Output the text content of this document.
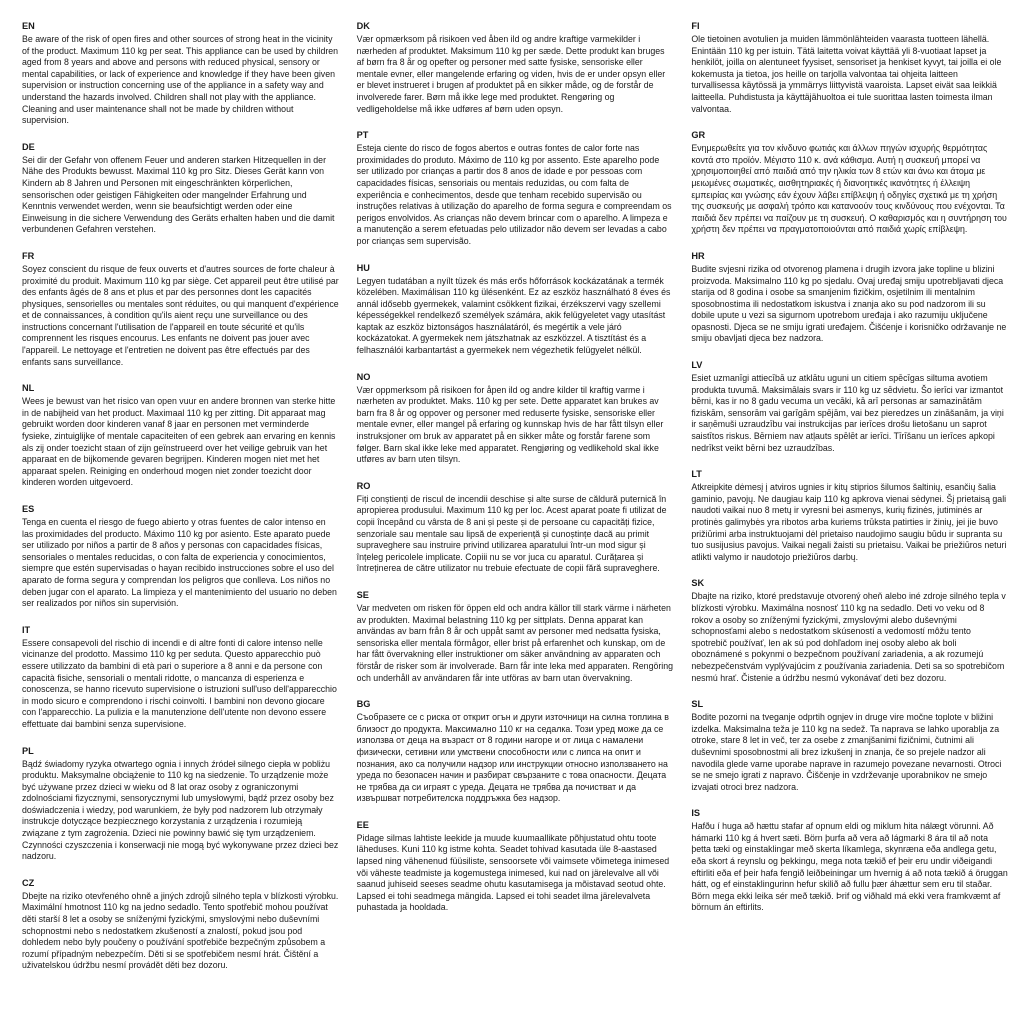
EN

Be aware of the risk of open fires and other sources of strong heat in the vicinity of the product. Maximum 110 kg per seat. This appliance can be used by children aged from 8 years and above and persons with reduced physical, sensory or mental capabilities, or lack of experience and knowledge if they have been given supervision or instruction concerning use of the appliance in a safety way and understand the hazards involved. Children shall not play with the appliance. Cleaning and user maintenance shall not be made by children without supervision.

DE

Sei dir der Gefahr von offenem Feuer und anderen starken Hitzequellen in der Nähe des Produkts bewusst. Maximal 110 kg pro Sitz. Dieses Gerät kann von Kindern ab 8 Jahren und Personen mit eingeschränkten körperlichen, sensorischen oder geistigen Fähigkeiten oder mangelnder Erfahrung und Kenntnis verwendet werden, wenn sie beaufsichtigt werden oder eine Einweisung in die sichere Verwendung des Geräts erhalten haben und die damit verbundenen Gefahren verstehen.

FR

Soyez conscient du risque de feux ouverts et d'autres sources de forte chaleur à proximité du produit. Maximum 110 kg par siège. Cet appareil peut être utilisé par des enfants âgés de 8 ans et plus et par des personnes dont les capacités physiques, sensorielles ou mentales sont réduites, ou qui manquent d'expérience et de connaissances, à condition qu'ils aient reçu une surveillance ou des instructions concernant l'utilisation de l'appareil en toute sécurité et qu'ils comprennent les risques encourus. Les enfants ne doivent pas jouer avec l'appareil. Le nettoyage et l'entretien ne doivent pas être effectués par des enfants sans surveillance.

NL

Wees je bewust van het risico van open vuur en andere bronnen van sterke hitte in de nabijheid van het product. Maximaal 110 kg per zitting. Dit apparaat mag gebruikt worden door kinderen vanaf 8 jaar en personen met verminderde fysieke, zintuiglijke of mentale capaciteiten of een gebrek aan ervaring en kennis als zij onder toezicht staan of zijn geïnstrueerd over het veilige gebruik van het apparaat en de bijkomende gevaren begrijpen. Kinderen mogen niet met het apparaat spelen. Reiniging en onderhoud mogen niet zonder toezicht door kinderen worden uitgevoerd.

ES

Tenga en cuenta el riesgo de fuego abierto y otras fuentes de calor intenso en las proximidades del producto. Máximo 110 kg por asiento. Este aparato puede ser utilizado por niños a partir de 8 años y personas con capacidades físicas, sensoriales o mentales reducidas, o con falta de experiencia y conocimientos, siempre que estén supervisadas o hayan recibido instrucciones sobre el uso del aparato de forma segura y comprendan los peligros que conlleva. Los niños no deben jugar con el aparato. La limpieza y el mantenimiento del usuario no deben ser realizados por niños sin supervisión.

IT

Essere consapevoli del rischio di incendi e di altre fonti di calore intenso nelle vicinanze del prodotto. Massimo 110 kg per seduta. Questo apparecchio può essere utilizzato da bambini di età pari o superiore a 8 anni e da persone con capacità fisiche, sensoriali o mentali ridotte, o mancanza di esperienza e conoscenza, se hanno ricevuto supervisione o istruzioni sull'uso dell'apparecchio in modo sicuro e comprendono i rischi coinvolti. I bambini non devono giocare con l'apparecchio. La pulizia e la manutenzione dell'utente non devono essere effettuate dai bambini senza supervisione.

PL

Bądź świadomy ryzyka otwartego ognia i innych źródeł silnego ciepła w pobliżu produktu. Maksymalne obciążenie to 110 kg na siedzenie. To urządzenie może być używane przez dzieci w wieku od 8 lat oraz osoby z ograniczonymi zdolnościami fizycznymi, sensorycznymi lub umysłowymi, bądź przez osoby bez doświadczenia i wiedzy, pod warunkiem, że były pod nadzorem lub otrzymały instrukcje dotyczące bezpiecznego korzystania z urządzenia i rozumieją związane z tym zagrożenia. Dzieci nie powinny bawić się tym urządzeniem. Czynności czyszczenia i konserwacji nie mogą być wykonywane przez dzieci bez nadzoru.

CZ

Dbejte na riziko otevřeného ohně a jiných zdrojů silného tepla v blízkosti výrobku. Maximální hmotnost 110 kg na jedno sedadlo. Tento spotřebič mohou používat děti starší 8 let a osoby se sníženými fyzickými, smyslovými nebo duševními schopnostmi nebo s nedostatkem zkušeností a znalostí, pokud jsou pod dohledem nebo byly poučeny o používání spotřebiče bezpečným způsobem a rozumí případným nebezpečím. Děti si se spotřebičem nesmí hrát. Čištění a uživatelskou údržbu nesmí provádět děti bez dozoru.

DK

Vær opmærksom på risikoen ved åben ild og andre kraftige varmekilder i nærheden af produktet. Maksimum 110 kg per sæde. Dette produkt kan bruges af børn fra 8 år og opefter og personer med satte fysiske, sensoriske eller mentale evner, eller mangelende erfaring og viden, hvis de er under opsyn eller er blevet instrueret i brugen af produktet på en sikker måde, og de forstår de involverede farer. Børn må ikke lege med produktet. Rengøring og vedligeholdelse må ikke udføres af børn uden opsyn.

PT

Esteja ciente do risco de fogos abertos e outras fontes de calor forte nas proximidades do produto. Máximo de 110 kg por assento. Este aparelho pode ser utilizado por crianças a partir dos 8 anos de idade e por pessoas com capacidades físicas, sensoriais ou mentais reduzidas, ou com falta de experiência e conhecimentos, desde que tenham recebido supervisão ou instruções relativas à utilização do aparelho de forma segura e compreendam os perigos envolvidos. As crianças não devem brincar com o aparelho. A limpeza e a manutenção a serem efetuadas pelo utilizador não devem ser levadas a cabo por crianças sem supervisão.

HU

Legyen tudatában a nyílt tüzek és más erős hőforrások kockázatának a termék közelében. Maximálisan 110 kg ülésenként. Ez az eszköz használható 8 éves és annál idősebb gyermekek, valamint csökkent fizikai, érzékszervi vagy szellemi képességekkel rendelkező személyek számára, akik felügyeletet vagy utasítást kaptak az eszköz biztonságos használatáról, és megértik a vele járó kockázatokat. A gyermekek nem játszhatnak az eszközzel. A tisztítást és a felhasználói karbantartást a gyermekek nem végezhetik felügyelet nélkül.

NO

Vær oppmerksom på risikoen for åpen ild og andre kilder til kraftig varme i nærheten av produktet. Maks. 110 kg per sete. Dette apparatet kan brukes av barn fra 8 år og oppover og personer med reduserte fysiske, sensoriske eller mentale evner, eller mangel på erfaring og kunnskap hvis de har fått tilsyn eller instruksjoner om bruk av apparatet på en sikker måte og forstår farene som følger. Barn skal ikke leke med apparatet. Rengjøring og vedlikehold skal ikke utføres av barn uten tilsyn.

RO

Fiți conștienți de riscul de incendii deschise și alte surse de căldură puternică în apropierea produsului. Maximum 110 kg per loc. Acest aparat poate fi utilizat de copii începând cu vârsta de 8 ani și peste și de persoane cu capacități fizice, senzoriale sau mentale sau lipsă de experiență și cunoștințe dacă au primit supraveghere sau instruire privind utilizarea aparatului într-un mod sigur și înțeleg pericolele implicate. Copiii nu se vor juca cu aparatul. Curățarea și întreținerea de către utilizator nu trebuie efectuate de copii fără supraveghere.

SE

Var medveten om risken för öppen eld och andra källor till stark värme i närheten av produkten. Maximal belastning 110 kg per sittplats. Denna apparat kan användas av barn från 8 år och uppåt samt av personer med nedsatta fysiska, sensoriska eller mentala förmågor, eller brist på erfarenhet och kunskap, om de har fått övervakning eller instruktioner om säker användning av apparaten och förstår de risker som är involverade. Barn får inte leka med apparaten. Rengöring och underhåll av användaren får inte utföras av barn utan övervakning.

BG

Съобразете се с риска от открит огън и други източници на силна топлина в близост до продукта. Максимално 110 кг на седалка. Този уред може да се използва от деца на възраст от 8 години нагоре и от лица с намалени физически, сетивни или умствени способности или с липса на опит и познания, ако са получили надзор или инструкции относно използването на уреда по безопасен начин и разбират свързаните с това опасности. Децата не трябва да си играят с уреда. Децата не трябва да почистват и да извършват потребителска поддръжка без надзор.

EE

Pidage silmas lahtiste leekide ja muude kuumaallikate põhjustatud ohtu toote läheduses. Kuni 110 kg istme kohta. Seadet tohivad kasutada üle 8-aastased lapsed ning vähenenud füüsiliste, sensoorsete või vaimsete võimetega inimesed või väheste teadmiste ja kogemustega inimesed, kui nad on järelevalve all või saanud juhiseid seeses seadme ohutu kasutamisega ja mõistavad seotud ohte. Lapsed ei tohi seadmega mängida. Lapsed ei tohi seadet ilma järelevalveta puhastada ja hooldada.

FI

Ole tietoinen avotulien ja muiden lämmönlähteiden vaarasta tuotteen lähellä. Enintään 110 kg per istuin. Tätä laitetta voivat käyttää yli 8-vuotiaat lapset ja henkilöt, joilla on alentuneet fyysiset, sensoriset ja henkiset kyvyt, tai joilla ei ole kokemusta ja tietoa, jos heille on tarjolla valvontaa tai ohjeita laitteen turvallisessa käytössä ja ymmärrys liittyvistä vaaroista. Lapset eivät saa leikkiä laitteella. Puhdistusta ja käyttäjähuoltoa ei tule suorittaa lasten toimesta ilman valvontaa.

GR

Ενημερωθείτε για τον κίνδυνο φωτιάς και άλλων πηγών ισχυρής θερμότητας κοντά στο προϊόν. Μέγιστο 110 κ. ανά κάθισμα. Αυτή η συσκευή μπορεί να χρησιμοποιηθεί από παιδιά από την ηλικία των 8 ετών και άνω και άτομα με μειωμένες σωματικές, αισθητηριακές ή διανοητικές ικανότητες ή έλλειψη εμπειρίας και γνώσης εάν έχουν λάβει επίβλεψη ή οδηγίες σχετικά με τη χρήση της συσκευής με ασφαλή τρόπο και κατανοούν τους κινδύνους που ενέχονται. Τα παιδιά δεν πρέπει να παίζουν με τη συσκευή. Ο καθαρισμός και η συντήρηση του χρήστη δεν πρέπει να πραγματοποιούνται από παιδιά χωρίς επίβλεψη.

HR

Budite svjesni rizika od otvorenog plamena i drugih izvora jake topline u blizini proizvoda. Maksimalno 110 kg po sjedalu. Ovaj uređaj smiju upotrebljavati djeca starija od 8 godina i osobe sa smanjenim fizičkim, osjetilnim ili mentalnim sposobnostima ili nedostatkom iskustva i znanja ako su pod nadzorom ili su dobile upute u vezi sa sigurnom upotrebom uređaja i ako razumiju uključene opasnosti. Djeca se ne smiju igrati uređajem. Čišćenje i korisničko održavanje ne smiju obavljati djeca bez nadzora.

LV

Esiet uzmanīgi attiecībā uz atklātu uguni un citiem spēcīgas siltuma avotiem produkta tuvumā. Maksimālais svars ir 110 kg uz sēdvietu. Šo ierīci var izmantot bērni, kas ir no 8 gadu vecuma un vecāki, kā arī personas ar samazinātām fiziskām, sensorām vai garīgām spējām, vai bez pieredzes un zināšanām, ja viņi ir saņēmuši uzraudzību vai instrukcijas par ierīces drošu lietošanu un saprot saistītos riskus. Bērniem nav atļauts spēlēt ar ierīci. Tīrīšanu un ierīces apkopi nedrīkst veikt bērni bez uzraudzības.

LT

Atkreipkite dėmesį į atviros ugnies ir kitų stiprios šilumos šaltinių, esančių šalia gaminio, pavojų. Ne daugiau kaip 110 kg apkrova vienai sėdynei. Šį prietaisą gali naudoti vaikai nuo 8 metų ir vyresni bei asmenys, kurių fizinės, jutiminės ar protinės galimybės yra ribotos arba kuriems trūksta patirties ir žinių, jei jie buvo prižiūrimi arba instruktuojami dėl prietaiso naudojimo saugiu būdu ir supranta su tuo susijusius pavojus. Vaikai negali žaisti su prietaisu. Vaikai be priežiūros neturi atlikti valymo ir naudotojo priežiūros darbų.

SK

Dbajte na riziko, ktoré predstavuje otvorený oheň alebo iné zdroje silného tepla v blízkosti výrobku. Maximálna nosnosť 110 kg na sedadlo. Deti vo veku od 8 rokov a osoby so zníženými fyzickými, zmyslovými alebo duševnými schopnosťami alebo s nedostatkom skúseností a vedomostí môžu tento spotrebič používať, len ak sú pod dohľadom inej osoby alebo ak boli oboznámené s pokynmi o bezpečnom používaní zariadenia, a ak rozumejú nebezpečenstvám vyplývajúcim z používania zariadenia. Deti sa so spotrebičom nesmú hrať. Čistenie a údržbu nesmú vykonávať deti bez dozoru.

SL

Bodite pozorni na tveganje odprtih ognjev in druge vire močne toplote v bližini izdelka. Maksimalna teža je 110 kg na sedež. Ta naprava se lahko uporablja za otroke, stare 8 let in več, ter za osebe z zmanjšanimi fizičnimi, čutnimi ali duševnimi sposobnostmi ali brez izkušenj in znanja, če so prejele nadzor ali navodila glede varne uporabe naprave in razumejo povezane nevarnosti. Otroci se ne smejo igrati z napravo. Čiščenje in vzdrževanje uporabnikov ne smejo izvajati otroci brez nadzora.

IS

Hafðu í huga að hættu stafar af opnum eldi og miklum hita nálægt vörunni. Að hámarki 110 kg á hvert sæti. Börn þurfa að vera að lágmarki 8 ára til að nota þetta tæki og einstaklingar með skerta líkamlega, skynræna eða andlega getu, eða skort á reynslu og þekkingu, mega nota tækið ef þeir eru undir viðeigandi eftirliti eða ef þeir hafa fengið leiðbeiningar um hvernig á að nota tækið á öruggan hátt, og ef einstaklingurinn hefur skilið að fullu þær áhættur sem eru til staðar. Börn mega ekki leika sér með tækið. Þrif og viðhald má ekki vera framkvæmt af börnum án eftirlits.
